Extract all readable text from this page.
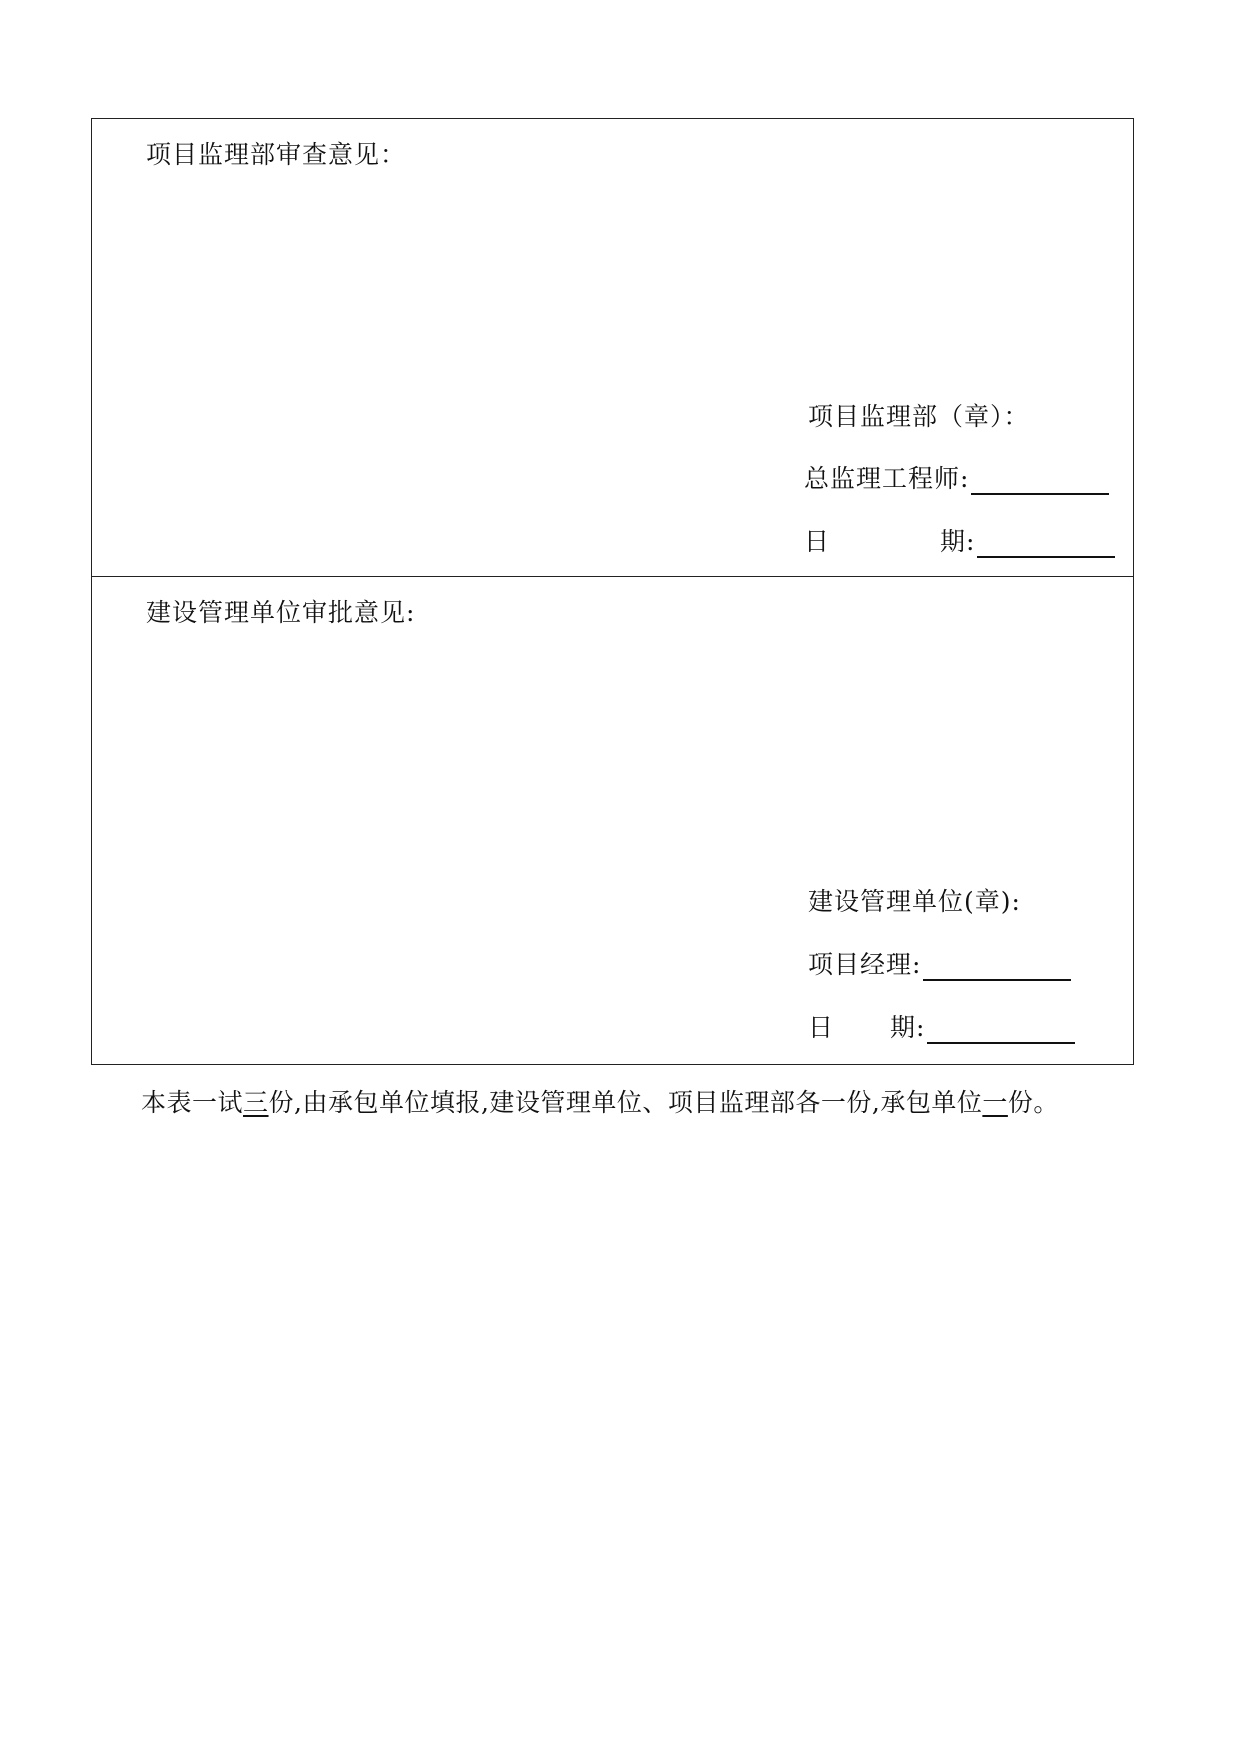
项目监理部审查意见：
项目监理部（章）：
总监理工程师:
日	期:
建设管理单位审批意见:
建设管理单位(章):
项目经理:
日 期:
本表一试三份,由承包单位填报,建设管理单位、项目监理部各一份,承包单位一份。
